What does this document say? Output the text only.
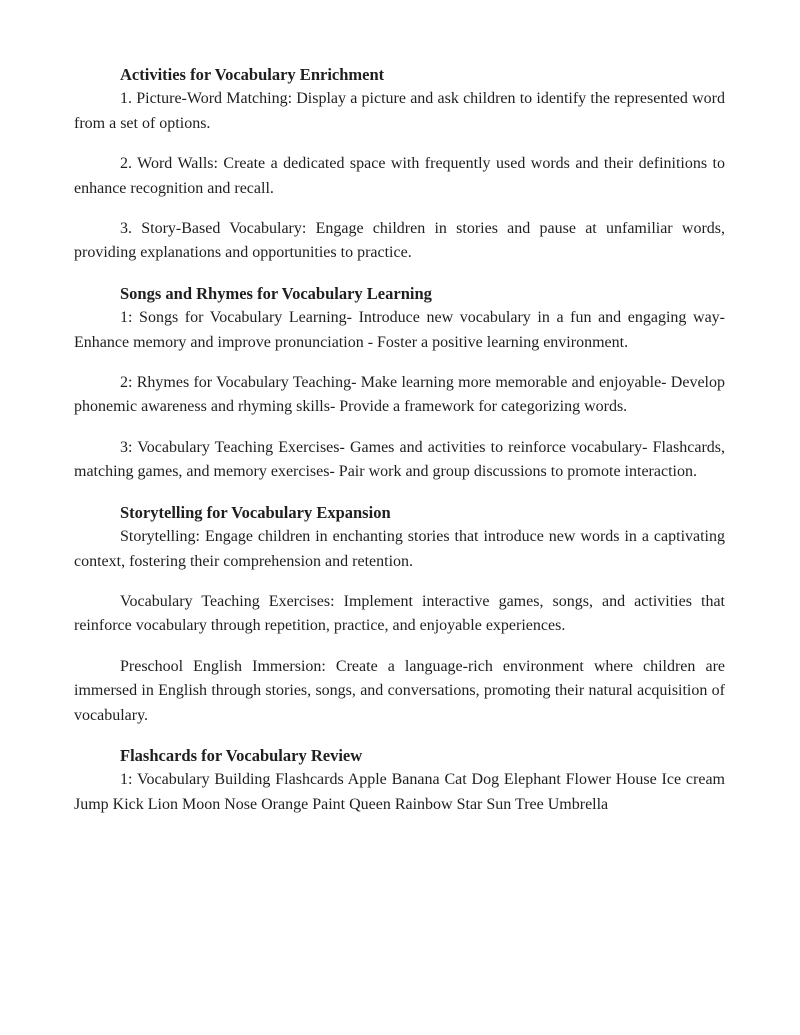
Activities for Vocabulary Enrichment

1. Picture-Word Matching: Display a picture and ask children to identify the represented word from a set of options.

2. Word Walls: Create a dedicated space with frequently used words and their definitions to enhance recognition and recall.

3. Story-Based Vocabulary: Engage children in stories and pause at unfamiliar words, providing explanations and opportunities to practice.

Songs and Rhymes for Vocabulary Learning

1: Songs for Vocabulary Learning- Introduce new vocabulary in a fun and engaging way- Enhance memory and improve pronunciation - Foster a positive learning environment.

2: Rhymes for Vocabulary Teaching- Make learning more memorable and enjoyable- Develop phonemic awareness and rhyming skills- Provide a framework for categorizing words.

3: Vocabulary Teaching Exercises- Games and activities to reinforce vocabulary- Flashcards, matching games, and memory exercises- Pair work and group discussions to promote interaction.

Storytelling for Vocabulary Expansion

Storytelling: Engage children in enchanting stories that introduce new words in a captivating context, fostering their comprehension and retention.

Vocabulary Teaching Exercises: Implement interactive games, songs, and activities that reinforce vocabulary through repetition, practice, and enjoyable experiences.

Preschool English Immersion: Create a language-rich environment where children are immersed in English through stories, songs, and conversations, promoting their natural acquisition of vocabulary.

Flashcards for Vocabulary Review

1: Vocabulary Building Flashcards Apple Banana Cat Dog Elephant Flower House Ice cream Jump Kick Lion Moon Nose Orange Paint Queen Rainbow Star Sun Tree Umbrella
